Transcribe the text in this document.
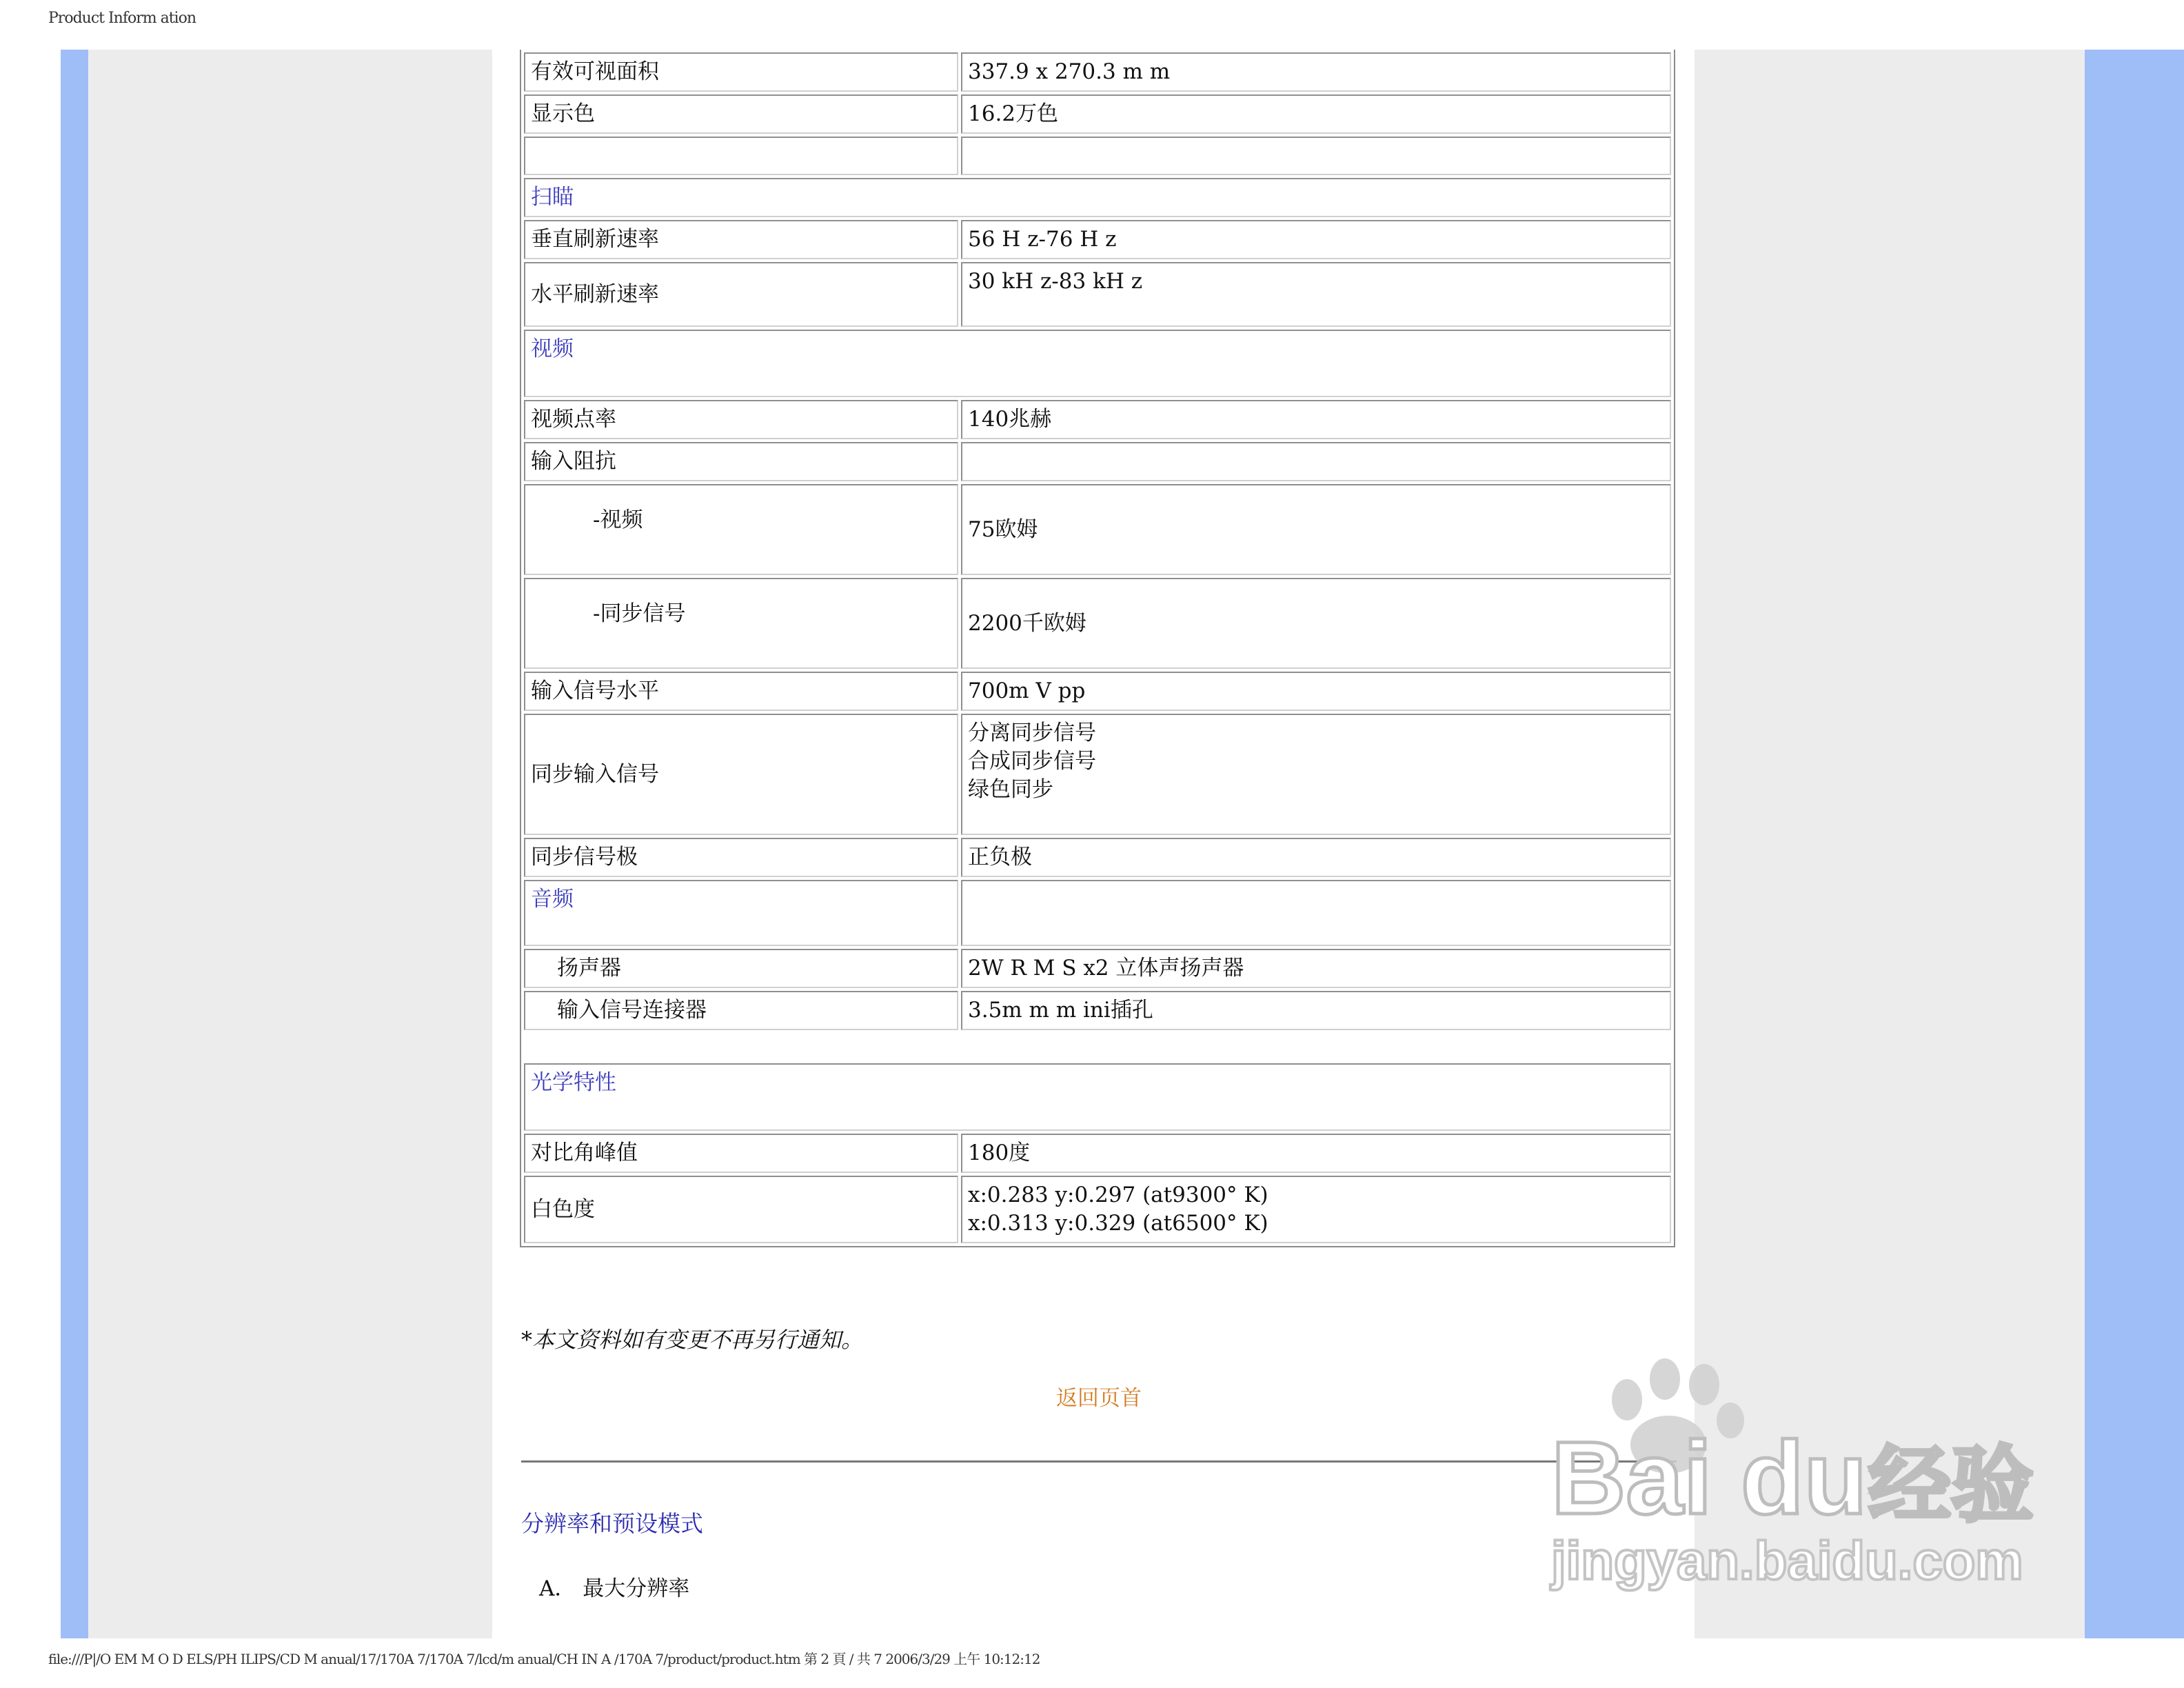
Product Inform ation
有效可视面积	337.9 x 270.3 m m
显示色	16.2万色

扫瞄	
垂直刷新速率	56 H z-76 H z
水平刷新速率	30 kH z-83 kH z
视频	
视频点率	140兆赫
输入阻抗	
-视频	75欧姆
-同步信号	2200千欧姆
输入信号水平	700m V pp
同步输入信号	分离同步信号
合成同步信号
绿色同步

同步信号极	正负极
音频	
扬声器	2W R M S x2 立体声扬声器
输入信号连接器	3.5m m m ini插孔

光学特性	
对比角峰值	180度
白色度	x:0.283 y:0.297 (at9300° K)
x:0.313 y:0.329 (at6500° K)
*本文资料如有变更不再另行通知。
返回页首
分辨率和预设模式
A． 最大分辨率
Bai du 经验
jingyan.baidu.com
file:///P|/O EM M O D ELS/PH ILIPS/CD M anual/17/170A 7/170A 7/lcd/m anual/CH IN A /170A 7/product/product.htm 第 2 頁 / 共 7 2006/3/29 上午 10:12:12
